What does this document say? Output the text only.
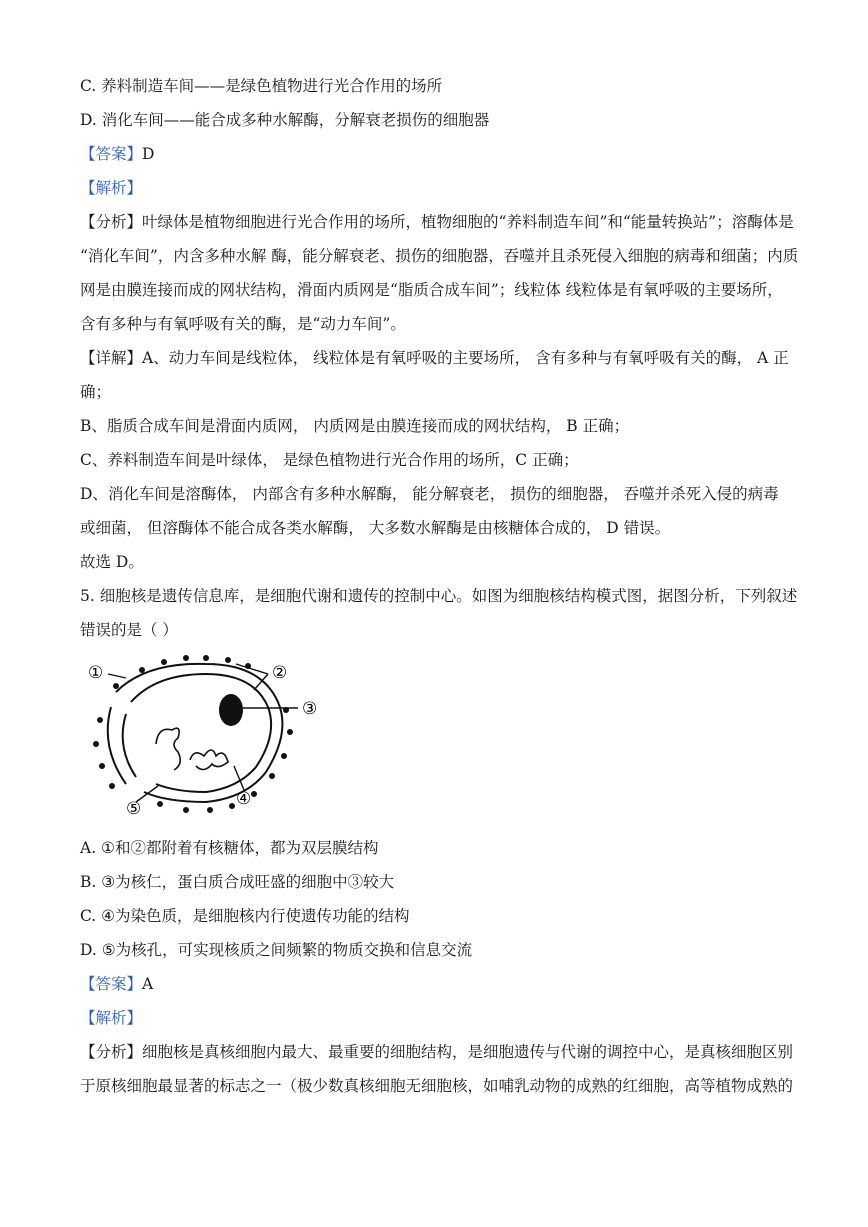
C. 养料制造车间——是绿色植物进行光合作用的场所
D. 消化车间——能合成多种水解酶，分解衰老损伤的细胞器
【答案】D
【解析】
【分析】叶绿体是植物细胞进行光合作用的场所，植物细胞的“养料制造车间”和“能量转换站”；溶酶体是
“消化车间”，内含多种水解 酶，能分解衰老、损伤的细胞器，吞噬并且杀死侵入细胞的病毒和细菌；内质
网是由膜连接而成的网状结构，滑面内质网是“脂质合成车间”；线粒体 线粒体是有氧呼吸的主要场所，
含有多种与有氧呼吸有关的酶，是“动力车间”。
【详解】A、动力车间是线粒体， 线粒体是有氧呼吸的主要场所， 含有多种与有氧呼吸有关的酶， A 正
确；
B、脂质合成车间是滑面内质网， 内质网是由膜连接而成的网状结构， B 正确；
C、养料制造车间是叶绿体， 是绿色植物进行光合作用的场所，C 正确；
D、消化车间是溶酶体， 内部含有多种水解酶， 能分解衰老， 损伤的细胞器， 吞噬并杀死入侵的病毒
或细菌， 但溶酶体不能合成各类水解酶， 大多数水解酶是由核糖体合成的， D 错误。
故选 D。
5. 细胞核是遗传信息库，是细胞代谢和遗传的控制中心。如图为细胞核结构模式图，据图分析，下列叙述
错误的是（ ）
①	②
③
④
⑤
A. ①和②都附着有核糖体，都为双层膜结构
B. ③为核仁，蛋白质合成旺盛的细胞中③较大
C. ④为染色质，是细胞核内行使遗传功能的结构
D. ⑤为核孔，可实现核质之间频繁的物质交换和信息交流
【答案】A
【解析】
【分析】细胞核是真核细胞内最大、最重要的细胞结构，是细胞遗传与代谢的调控中心，是真核细胞区别
于原核细胞最显著的标志之一（极少数真核细胞无细胞核，如哺乳动物的成熟的红细胞，高等植物成熟的
